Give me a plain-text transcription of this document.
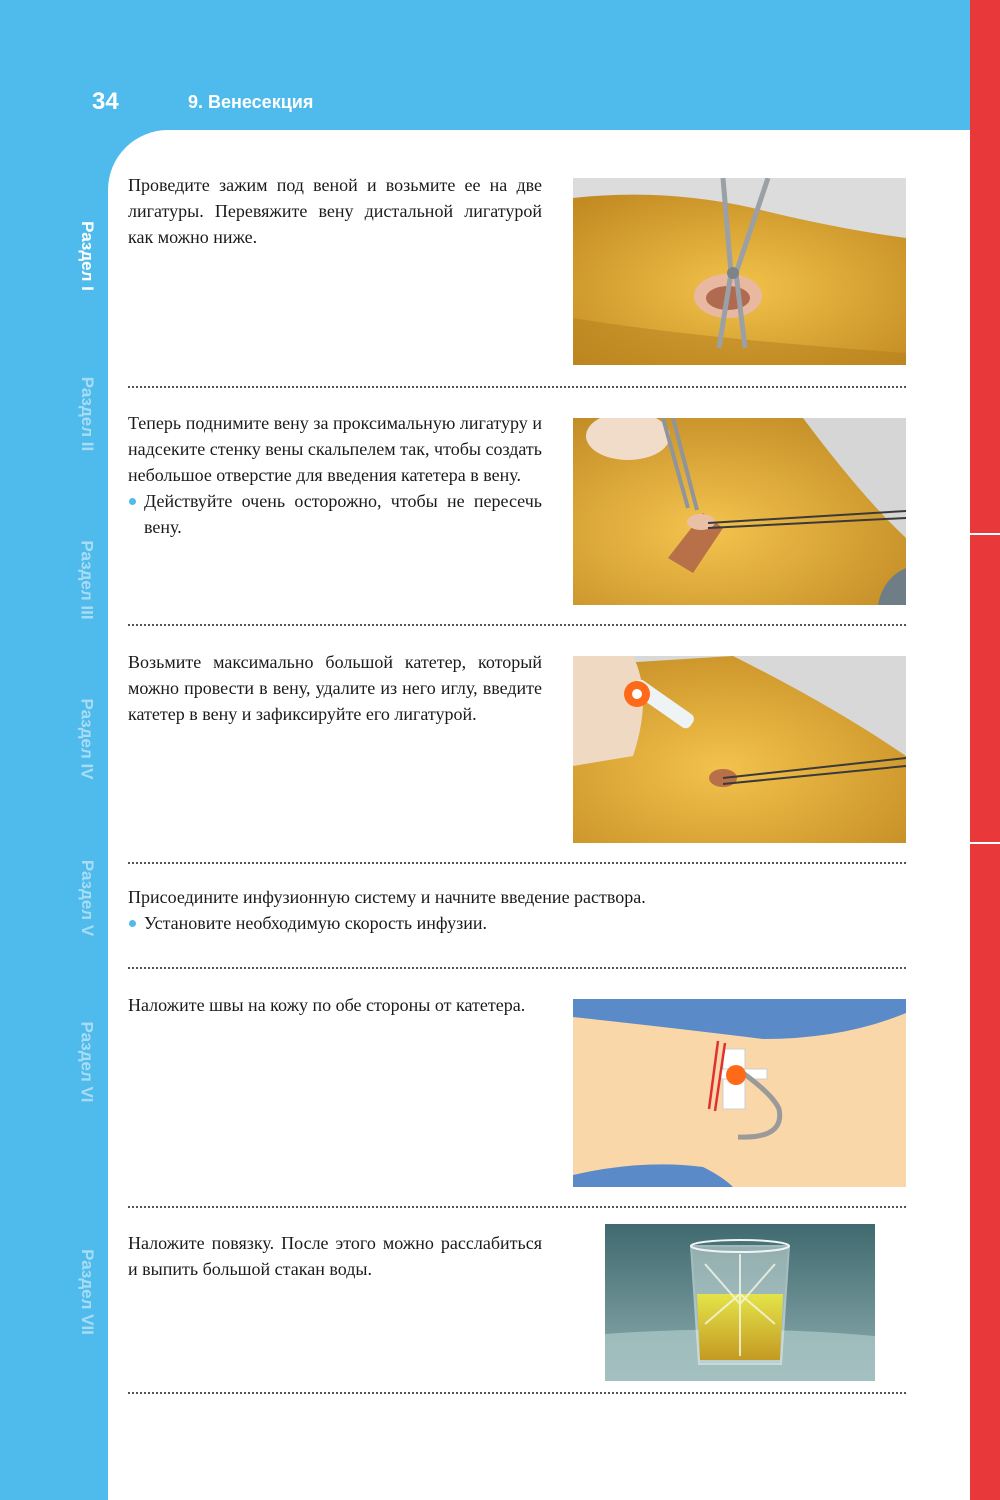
34	9. Венесекция
Раздел I
Раздел II
Раздел III
Раздел IV
Раздел V
Раздел VI
Раздел VII

Проведите зажим под веной и возьмите ее на две лигатуры. Перевяжите вену дистальной лигатурой как можно ниже.

Теперь поднимите вену за проксимальную лигатуру и надсеките стенку вены скальпелем так, чтобы создать небольшое отверстие для введения катетера в вену.

Действуйте очень осторожно, чтобы не пересечь вену.

Возьмите максимально большой катетер, который можно провести в вену, удалите из него иглу, введите катетер в вену и зафиксируйте его лигатурой.

Присоедините инфузионную систему и начните введение раствора.

Установите необходимую скорость инфузии.

Наложите швы на кожу по обе стороны от катетера.

Наложите повязку. После этого можно расслабиться и выпить большой стакан воды.
